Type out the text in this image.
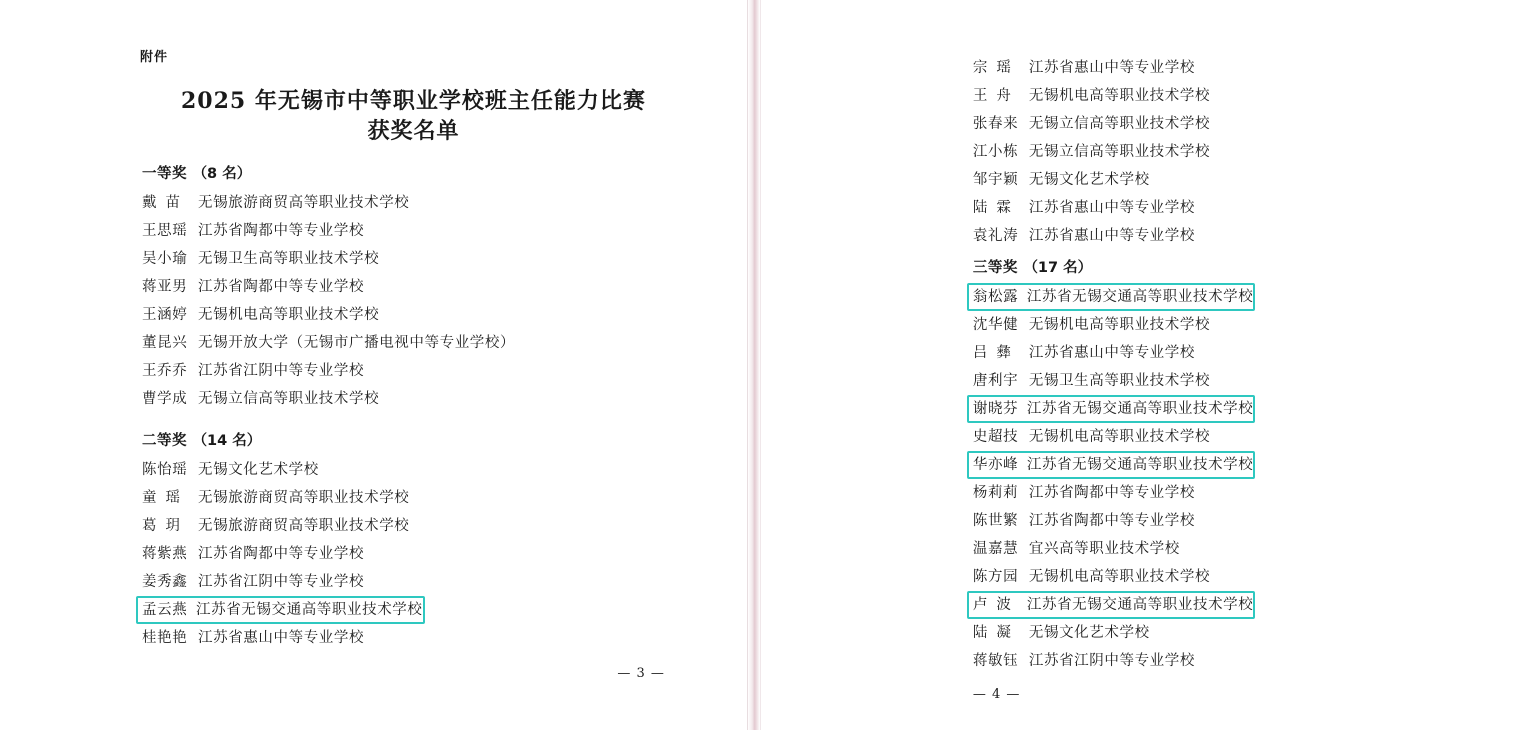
附件
2025 年无锡市中等职业学校班主任能力比赛
获奖名单
一等奖 （8 名）
戴  苗	无锡旅游商贸高等职业技术学校
王思瑶 江苏省陶都中等专业学校
吴小瑜 无锡卫生高等职业技术学校
蒋亚男 江苏省陶都中等专业学校
王涵婷 无锡机电高等职业技术学校
董昆兴 无锡开放大学（无锡市广播电视中等专业学校）
王乔乔 江苏省江阴中等专业学校
曹学成 无锡立信高等职业技术学校
二等奖 （14 名）
陈怡瑶 无锡文化艺术学校
童  瑶	无锡旅游商贸高等职业技术学校
葛  玥	无锡旅游商贸高等职业技术学校
蒋紫燕 江苏省陶都中等专业学校
姜秀鑫 江苏省江阴中等专业学校
孟云燕 江苏省无锡交通高等职业技术学校
桂艳艳 江苏省惠山中等专业学校
— 3 —
宗  瑶	江苏省惠山中等专业学校
王  舟	无锡机电高等职业技术学校
张春来 无锡立信高等职业技术学校
江小栋 无锡立信高等职业技术学校
邹宇颖 无锡文化艺术学校
陆  霖	江苏省惠山中等专业学校
袁礼涛 江苏省惠山中等专业学校
三等奖 （17 名）
翁松露 江苏省无锡交通高等职业技术学校
沈华健 无锡机电高等职业技术学校
吕  彝	江苏省惠山中等专业学校
唐利宇 无锡卫生高等职业技术学校
谢晓芬 江苏省无锡交通高等职业技术学校
史超技 无锡机电高等职业技术学校
华亦峰 江苏省无锡交通高等职业技术学校
杨莉莉 江苏省陶都中等专业学校
陈世繁 江苏省陶都中等专业学校
温嘉慧 宜兴高等职业技术学校
陈方园 无锡机电高等职业技术学校
卢  波	江苏省无锡交通高等职业技术学校
陆  凝	无锡文化艺术学校
蒋敏钰 江苏省江阴中等专业学校
— 4 —
